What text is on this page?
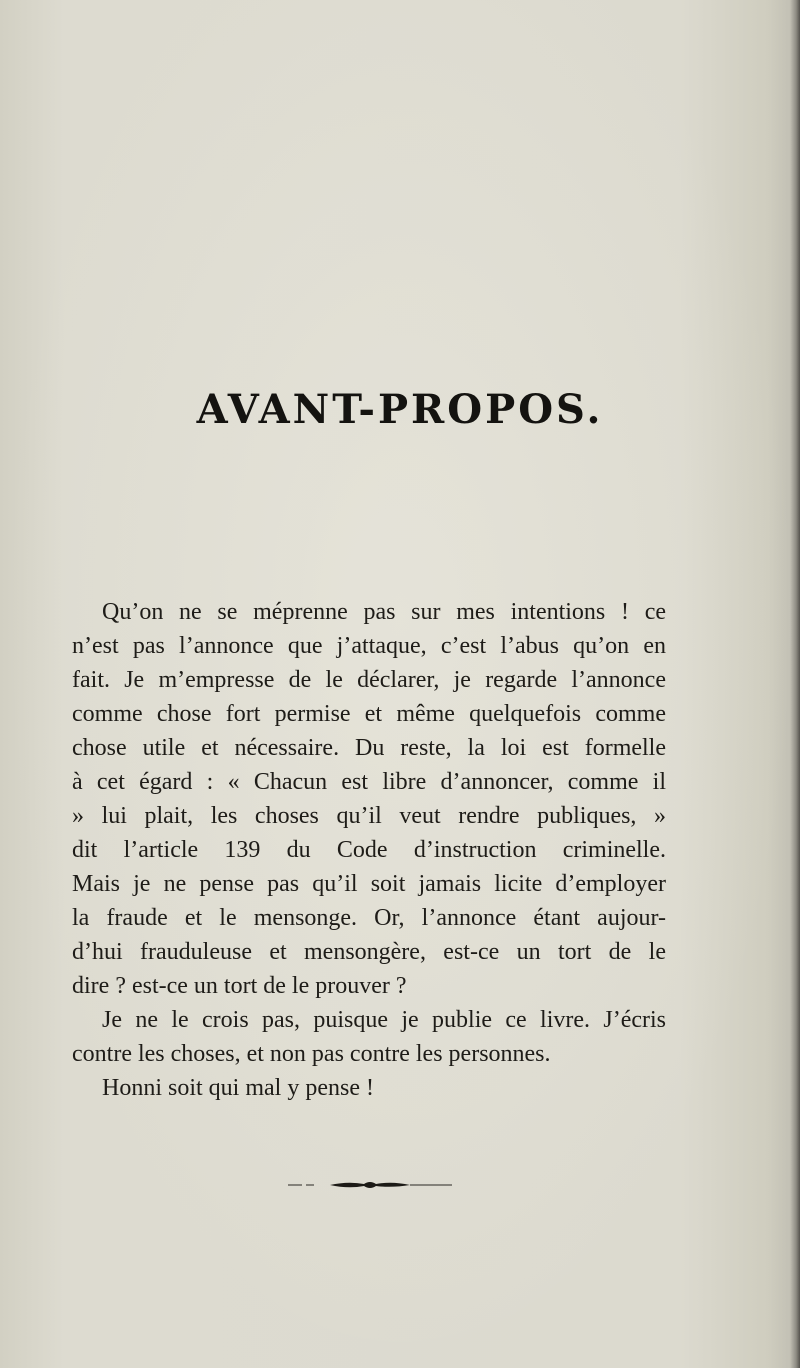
AVANT-PROPOS.

Qu’on ne se méprenne pas sur mes intentions ! ce
n’est pas l’annonce que j’attaque, c’est l’abus qu’on en
fait. Je m’empresse de le déclarer, je regarde l’annonce
comme chose fort permise et même quelquefois comme
chose utile et nécessaire. Du reste, la loi est formelle
à cet égard : « Chacun est libre d’annoncer, comme il
» lui plait, les choses qu’il veut rendre publiques, »
dit l’article 139 du Code d’instruction criminelle.
Mais je ne pense pas qu’il soit jamais licite d’employer
la fraude et le mensonge. Or, l’annonce étant aujour-
d’hui frauduleuse et mensongère, est-ce un tort de le
dire ? est-ce un tort de le prouver ?

Je ne le crois pas, puisque je publie ce livre. J’écris
contre les choses, et non pas contre les personnes.

Honni soit qui mal y pense !
